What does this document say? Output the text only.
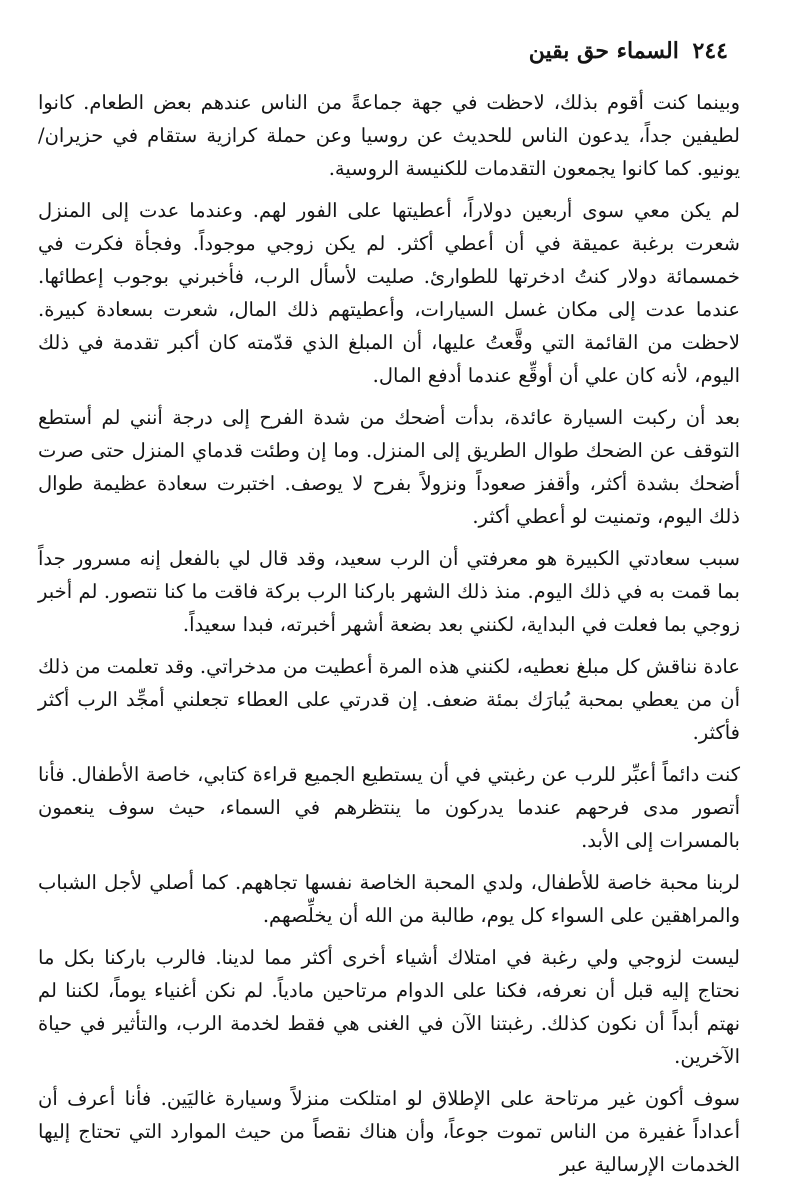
٢٤٤ السماء حق بقين

وبينما كنت أقوم بذلك، لاحظت في جهة جماعةً من الناس عندهم بعض الطعام. كانوا لطيفين جداً، يدعون الناس للحديث عن روسيا وعن حملة كرازية ستقام في حزيران/ يونيو. كما كانوا يجمعون التقدمات للكنيسة الروسية.

لم يكن معي سوى أربعين دولاراً، أعطيتها على الفور لهم. وعندما عدت إلى المنزل شعرت برغبة عميقة في أن أعطي أكثر. لم يكن زوجي موجوداً. وفجأة فكرت في خمسمائة دولار كنتُ ادخرتها للطوارئ. صليت لأسأل الرب، فأخبرني بوجوب إعطائها. عندما عدت إلى مكان غسل السيارات، وأعطيتهم ذلك المال، شعرت بسعادة كبيرة. لاحظت من القائمة التي وقَّعتُ عليها، أن المبلغ الذي قدّمته كان أكبر تقدمة في ذلك اليوم، لأنه كان علي أن أوقِّع عندما أدفع المال.

بعد أن ركبت السيارة عائدة، بدأت أضحك من شدة الفرح إلى درجة أنني لم أستطع التوقف عن الضحك طوال الطريق إلى المنزل. وما إن وطئت قدماي المنزل حتى صرت أضحك بشدة أكثر، وأقفز صعوداً ونزولاً بفرح لا يوصف. اختبرت سعادة عظيمة طوال ذلك اليوم، وتمنيت لو أعطي أكثر.

سبب سعادتي الكبيرة هو معرفتي أن الرب سعيد، وقد قال لي بالفعل إنه مسرور جداً بما قمت به في ذلك اليوم. منذ ذلك الشهر باركنا الرب بركة فاقت ما كنا نتصور. لم أخبر زوجي بما فعلت في البداية، لكنني بعد بضعة أشهر أخبرته، فبدا سعيداً.

عادة نناقش كل مبلغ نعطيه، لكنني هذه المرة أعطيت من مدخراتي. وقد تعلمت من ذلك أن من يعطي بمحبة يُبارَك بمئة ضعف. إن قدرتي على العطاء تجعلني أمجِّد الرب أكثر فأكثر.

كنت دائماً أعبِّر للرب عن رغبتي في أن يستطيع الجميع قراءة كتابي، خاصة الأطفال. فأنا أتصور مدى فرحهم عندما يدركون ما ينتظرهم في السماء، حيث سوف ينعمون بالمسرات إلى الأبد.

لربنا محبة خاصة للأطفال، ولدي المحبة الخاصة نفسها تجاههم. كما أصلي لأجل الشباب والمراهقين على السواء كل يوم، طالبة من الله أن يخلِّصهم.

ليست لزوجي ولي رغبة في امتلاك أشياء أخرى أكثر مما لدينا. فالرب باركنا بكل ما نحتاج إليه قبل أن نعرفه، فكنا على الدوام مرتاحين مادياً. لم نكن أغنياء يوماً، لكننا لم نهتم أبداً أن نكون كذلك. رغبتنا الآن في الغنى هي فقط لخدمة الرب، والتأثير في حياة الآخرين.

سوف أكون غير مرتاحة على الإطلاق لو امتلكت منزلاً وسيارة غاليَين. فأنا أعرف أن أعداداً غفيرة من الناس تموت جوعاً، وأن هناك نقصاً من حيث الموارد التي تحتاج إليها الخدمات الإرسالية عبر
